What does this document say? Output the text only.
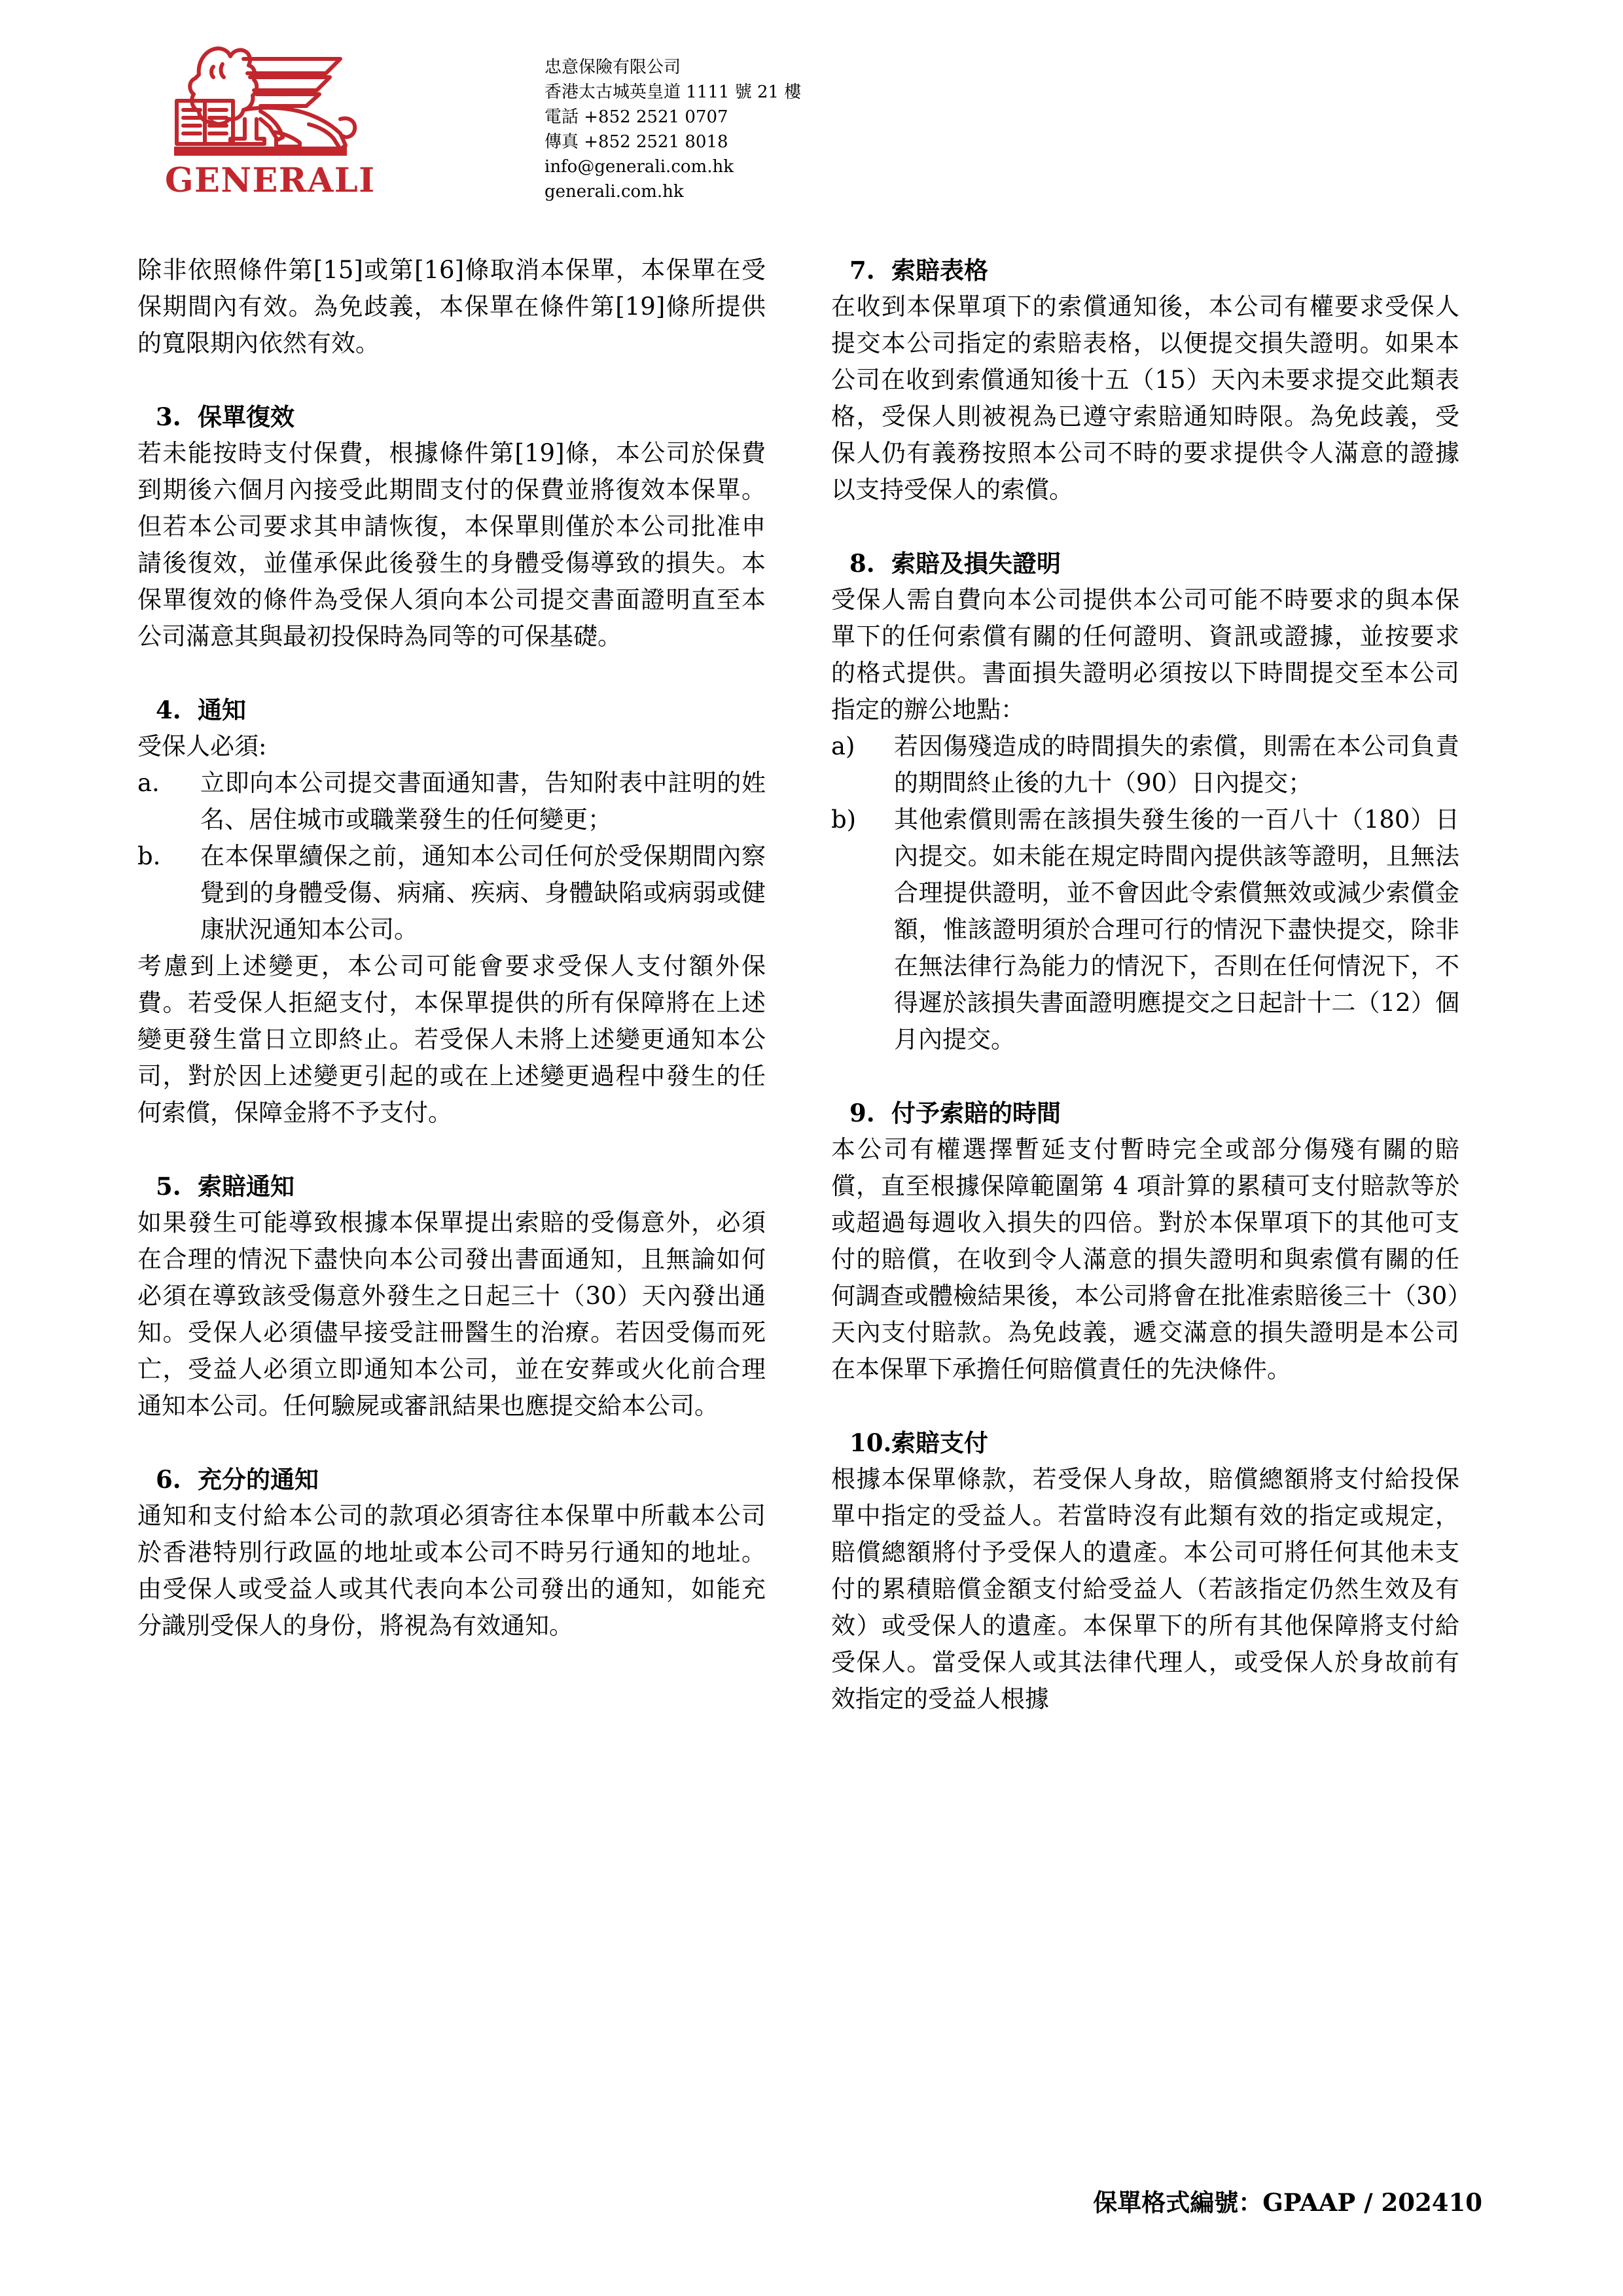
GENERALI
忠意保險有限公司
香港太古城英皇道 1111 號 21 樓
電話 +852 2521 0707
傳真 +852 2521 8018
info@generali.com.hk
generali.com.hk

除非依照條件第[15]或第[16]條取消本保單，本保單在受保期間內有效。為免歧義，本保單在條件第[19]條所提供的寬限期內依然有效。

3. 保單復效

若未能按時支付保費，根據條件第[19]條，本公司於保費到期後六個月內接受此期間支付的保費並將復效本保單。但若本公司要求其申請恢復，本保單則僅於本公司批准申請後復效，並僅承保此後發生的身體受傷導致的損失。本保單復效的條件為受保人須向本公司提交書面證明直至本公司滿意其與最初投保時為同等的可保基礎。

4. 通知

受保人必須:

a.	立即向本公司提交書面通知書，告知附表中註明的姓名、居住城市或職業發生的任何變更；
b.	在本保單續保之前，通知本公司任何於受保期間內察覺到的身體受傷、病痛、疾病、身體缺陷或病弱或健康狀況通知本公司。

考慮到上述變更，本公司可能會要求受保人支付額外保費。若受保人拒絕支付，本保單提供的所有保障將在上述變更發生當日立即終止。若受保人未將上述變更通知本公司，對於因上述變更引起的或在上述變更過程中發生的任何索償，保障金將不予支付。

5. 索賠通知

如果發生可能導致根據本保單提出索賠的受傷意外，必須在合理的情況下盡快向本公司發出書面通知，且無論如何必須在導致該受傷意外發生之日起三十（30）天內發出通知。受保人必須儘早接受註冊醫生的治療。若因受傷而死亡，受益人必須立即通知本公司，並在安葬或火化前合理通知本公司。任何驗屍或審訊結果也應提交給本公司。

6. 充分的通知

通知和支付給本公司的款項必須寄往本保單中所載本公司於香港特別行政區的地址或本公司不時另行通知的地址。由受保人或受益人或其代表向本公司發出的通知，如能充分識別受保人的身份，將視為有效通知。

7. 索賠表格

在收到本保單項下的索償通知後，本公司有權要求受保人提交本公司指定的索賠表格，以便提交損失證明。如果本公司在收到索償通知後十五（15）天內未要求提交此類表格，受保人則被視為已遵守索賠通知時限。為免歧義，受保人仍有義務按照本公司不時的要求提供令人滿意的證據以支持受保人的索償。

8. 索賠及損失證明

受保人需自費向本公司提供本公司可能不時要求的與本保單下的任何索償有關的任何證明、資訊或證據，並按要求的格式提供。書面損失證明必須按以下時間提交至本公司指定的辦公地點：

a)	若因傷殘造成的時間損失的索償，則需在本公司負責的期間終止後的九十（90）日內提交；
b)	其他索償則需在該損失發生後的一百八十（180）日內提交。如未能在規定時間內提供該等證明，且無法合理提供證明，並不會因此令索償無效或減少索償金額，惟該證明須於合理可行的情況下盡快提交，除非在無法律行為能力的情況下，否則在任何情況下，不得遲於該損失書面證明應提交之日起計十二（12）個月內提交。
9. 付予索賠的時間

本公司有權選擇暫延支付暫時完全或部分傷殘有關的賠償，直至根據保障範圍第 4 項計算的累積可支付賠款等於或超過每週收入損失的四倍。對於本保單項下的其他可支付的賠償，在收到令人滿意的損失證明和與索償有關的任何調查或體檢結果後，本公司將會在批准索賠後三十（30）天內支付賠款。為免歧義，遞交滿意的損失證明是本公司在本保單下承擔任何賠償責任的先決條件。

10. 索賠支付

根據本保單條款，若受保人身故，賠償總額將支付給投保單中指定的受益人。若當時沒有此類有效的指定或規定，賠償總額將付予受保人的遺產。本公司可將任何其他未支付的累積賠償金額支付給受益人（若該指定仍然生效及有效）或受保人的遺產。本保單下的所有其他保障將支付給受保人。當受保人或其法律代理人，或受保人於身故前有效指定的受益人根據

保單格式編號：GPAAP / 202410
